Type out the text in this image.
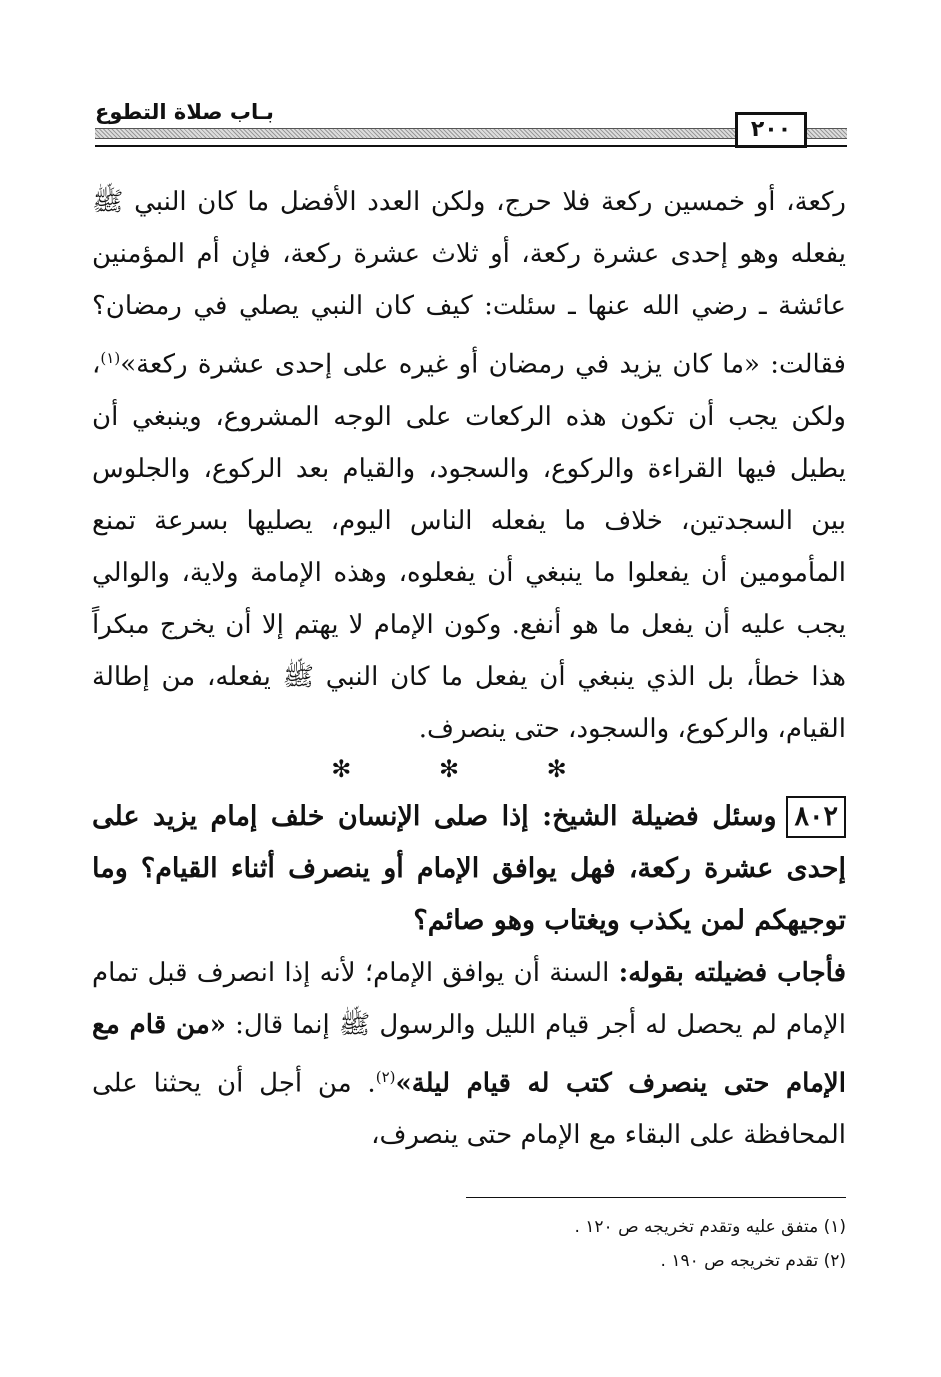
بـاب صلاة التطوع
٢٠٠

ركعة، أو خمسين ركعة فلا حرج، ولكن العدد الأفضل ما كان النبي ﷺ يفعله وهو إحدى عشرة ركعة، أو ثلاث عشرة ركعة، فإن أم المؤمنين عائشة ـ رضي الله عنها ـ سئلت: كيف كان النبي يصلي في رمضان؟ فقالت: «ما كان يزيد في رمضان أو غيره على إحدى عشرة ركعة»$^{(١)}$، ولكن يجب أن تكون هذه الركعات على الوجه المشروع، وينبغي أن يطيل فيها القراءة والركوع، والسجود، والقيام بعد الركوع، والجلوس بين السجدتين، خلاف ما يفعله الناس اليوم، يصليها بسرعة تمنع المأمومين أن يفعلوا ما ينبغي أن يفعلوه، وهذه الإمامة ولاية، والوالي يجب عليه أن يفعل ما هو أنفع. وكون الإمام لا يهتم إلا أن يخرج مبكراً هذا خطأ، بل الذي ينبغي أن يفعل ما كان النبي ﷺ يفعله، من إطالة القيام، والركوع، والسجود، حتى ينصرف.

✻ ✻ ✻

٨٠٢وسئل فضيلة الشيخ: إذا صلى الإنسان خلف إمام يزيد على إحدى عشرة ركعة، فهل يوافق الإمام أو ينصرف أثناء القيام؟ وما توجيهكم لمن يكذب ويغتاب وهو صائم؟

فأجاب فضيلته بقوله: السنة أن يوافق الإمام؛ لأنه إذا انصرف قبل تمام الإمام لم يحصل له أجر قيام الليل والرسول ﷺ إنما قال: «من قام مع الإمام حتى ينصرف كتب له قيام ليلة»$^{(٢)}$. من أجل أن يحثنا على المحافظة على البقاء مع الإمام حتى ينصرف،

(١) متفق عليه وتقدم تخريجه ص ١٢٠ .

(٢) تقدم تخريجه ص ١٩٠ .
